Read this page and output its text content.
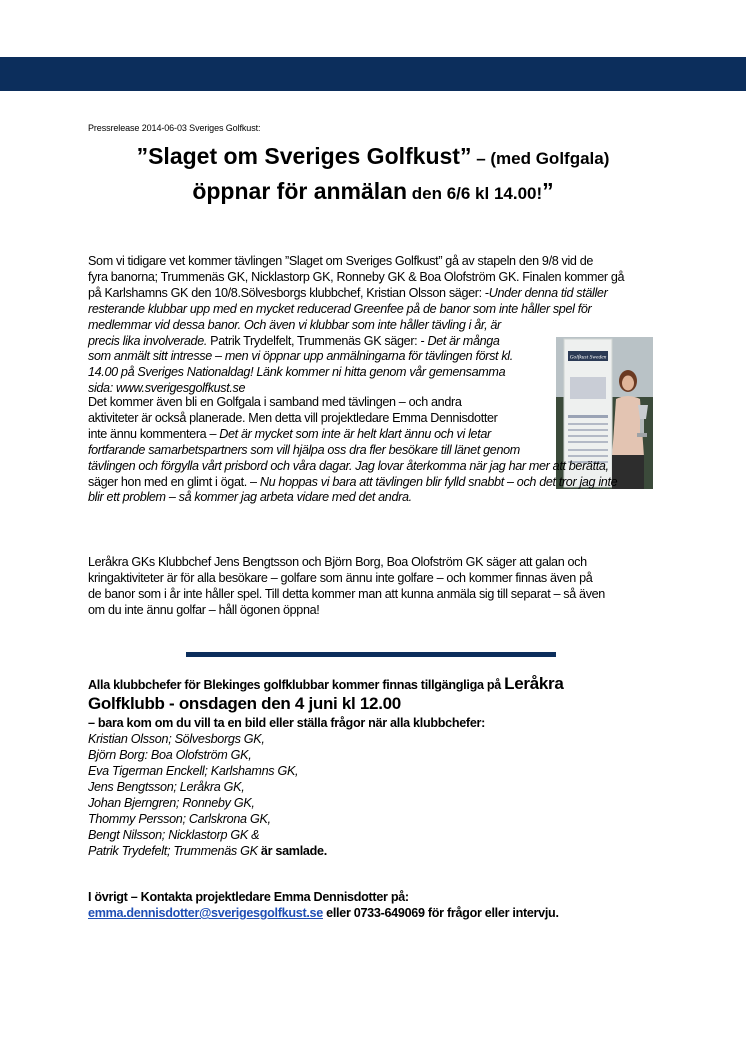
Pressrelease 2014-06-03 Sveriges Golfkust:
”Slaget om Sveriges Golfkust” – (med Golfgala)
öppnar för anmälan den 6/6 kl 14.00!”
Som vi tidigare vet kommer tävlingen ”Slaget om Sveriges Golfkust” gå av stapeln den 9/8 vid de
fyra banorna; Trummenäs GK, Nicklastorp GK, Ronneby GK & Boa Olofström GK. Finalen kommer gå
på Karlshamns GK den 10/8.Sölvesborgs klubbchef, Kristian Olsson säger: -Under denna tid ställer
resterande klubbar upp med en mycket reducerad Greenfee på de banor som inte håller spel för
medlemmar vid dessa banor. Och även vi klubbar som inte håller tävling i år, är
precis lika involverade. Patrik Trydelfelt, Trummenäs GK säger: - Det är många
som anmält sitt intresse – men vi öppnar upp anmälningarna för tävlingen först kl.
14.00 på Sveriges Nationaldag! Länk kommer ni hitta genom vår gemensamma
sida: www.sverigesgolfkust.se
Golfkust Sweden
Det kommer även bli en Golfgala i samband med tävlingen – och andra
aktiviteter är också planerade. Men detta vill projektledare Emma Dennisdotter
inte ännu kommentera – Det är mycket som inte är helt klart ännu och vi letar
fortfarande samarbetspartners som vill hjälpa oss dra fler besökare till länet genom
tävlingen och förgylla vårt prisbord och våra dagar. Jag lovar återkomma när jag har mer att berätta,
säger hon med en glimt i ögat. – Nu hoppas vi bara att tävlingen blir fylld snabbt – och det tror jag inte
blir ett problem – så kommer jag arbeta vidare med det andra.
Leråkra GKs Klubbchef Jens Bengtsson och Björn Borg, Boa Olofström GK säger att galan och
kringaktiviteter är för alla besökare – golfare som ännu inte golfare – och kommer finnas även på
de banor som i år inte håller spel. Till detta kommer man att kunna anmäla sig till separat – så även
om du inte ännu golfar – håll ögonen öppna!
Alla klubbchefer för Blekinges golfklubbar kommer finnas tillgängliga på Leråkra
Golfklubb - onsdagen den 4 juni kl 12.00
– bara kom om du vill ta en bild eller ställa frågor när alla klubbchefer:
Kristian Olsson; Sölvesborgs GK,
Björn Borg: Boa Olofström GK,
Eva Tigerman Enckell; Karlshamns GK,
Jens Bengtsson; Leråkra GK,
Johan Bjerngren; Ronneby GK,
Thommy Persson; Carlskrona GK,
Bengt Nilsson; Nicklastorp GK &
Patrik Trydefelt; Trummenäs GK är samlade.
I övrigt – Kontakta projektledare Emma Dennisdotter på:
emma.dennisdotter@sverigesgolfkust.se eller 0733-649069 för frågor eller intervju.
